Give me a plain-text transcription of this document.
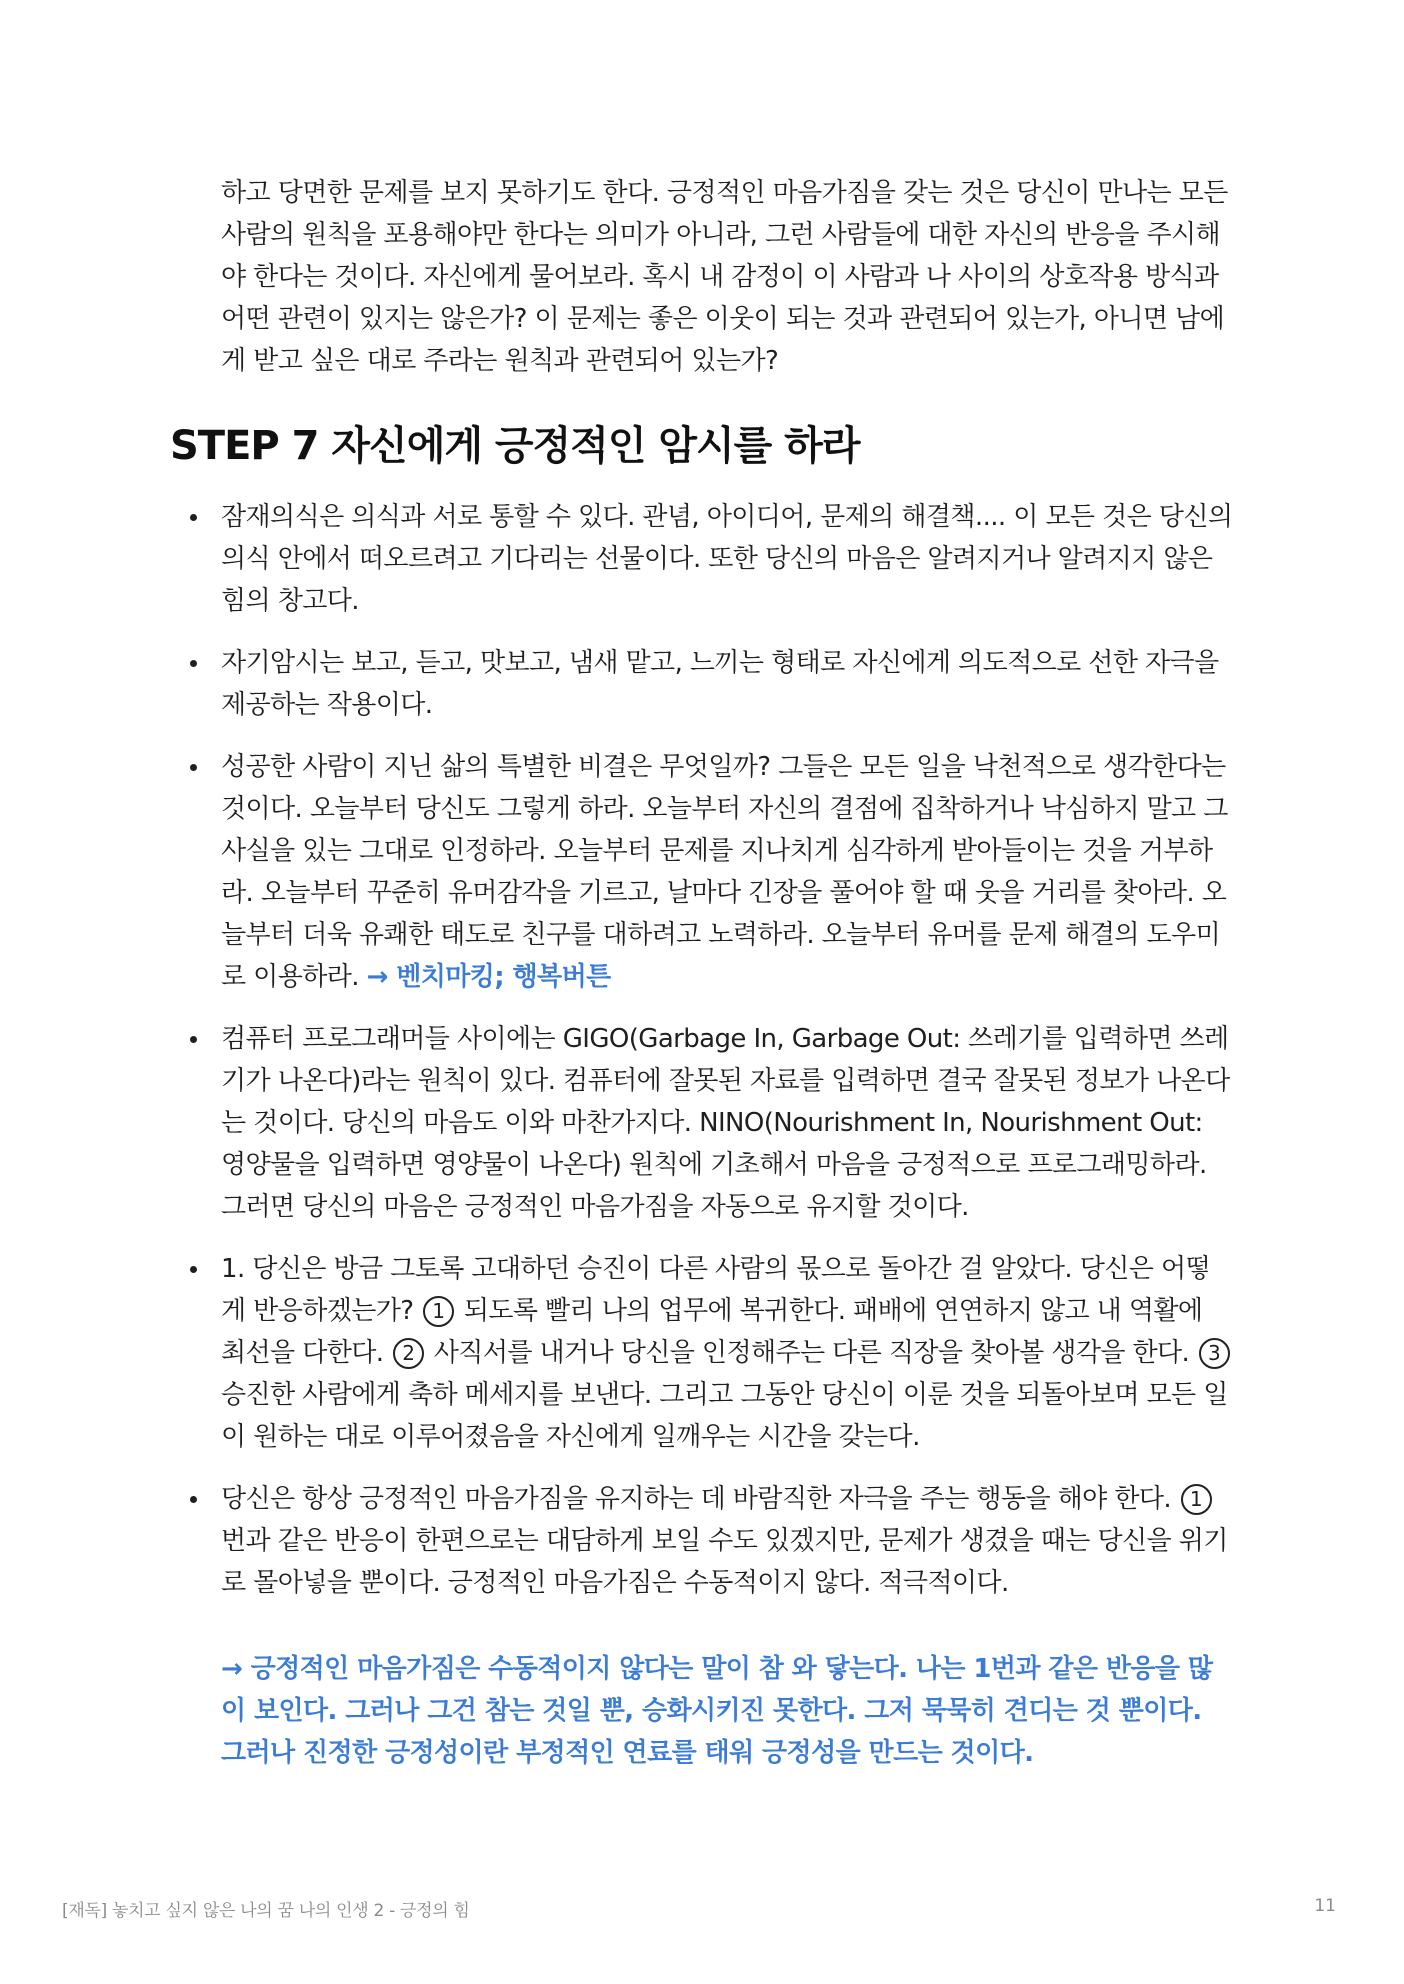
하고 당면한 문제를 보지 못하기도 한다. 긍정적인 마음가짐을 갖는 것은 당신이 만나는 모든 사람의 원칙을 포용해야만 한다는 의미가 아니라, 그런 사람들에 대한 자신의 반응을 주시해야 한다는 것이다. 자신에게 물어보라. 혹시 내 감정이 이 사람과 나 사이의 상호작용 방식과 어떤 관련이 있지는 않은가? 이 문제는 좋은 이웃이 되는 것과 관련되어 있는가, 아니면 남에게 받고 싶은 대로 주라는 원칙과 관련되어 있는가?

STEP 7 자신에게 긍정적인 암시를 하라
잠재의식은 의식과 서로 통할 수 있다. 관념, 아이디어, 문제의 해결책.... 이 모든 것은 당신의 의식 안에서 떠오르려고 기다리는 선물이다. 또한 당신의 마음은 알려지거나 알려지지 않은 힘의 창고다.
자기암시는 보고, 듣고, 맛보고, 냄새 맡고, 느끼는 형태로 자신에게 의도적으로 선한 자극을 제공하는 작용이다.
성공한 사람이 지닌 삶의 특별한 비결은 무엇일까? 그들은 모든 일을 낙천적으로 생각한다는 것이다. 오늘부터 당신도 그렇게 하라. 오늘부터 자신의 결점에 집착하거나 낙심하지 말고 그 사실을 있는 그대로 인정하라. 오늘부터 문제를 지나치게 심각하게 받아들이는 것을 거부하라. 오늘부터 꾸준히 유머감각을 기르고, 날마다 긴장을 풀어야 할 때 웃을 거리를 찾아라. 오늘부터 더욱 유쾌한 태도로 친구를 대하려고 노력하라. 오늘부터 유머를 문제 해결의 도우미로 이용하라. → 벤치마킹; 행복버튼
컴퓨터 프로그래머들 사이에는 GIGO(Garbage In, Garbage Out: 쓰레기를 입력하면 쓰레기가 나온다)라는 원칙이 있다. 컴퓨터에 잘못된 자료를 입력하면 결국 잘못된 정보가 나온다는 것이다. 당신의 마음도 이와 마찬가지다. NINO(Nourishment In, Nourishment Out: 영양물을 입력하면 영양물이 나온다) 원칙에 기초해서 마음을 긍정적으로 프로그래밍하라. 그러면 당신의 마음은 긍정적인 마음가짐을 자동으로 유지할 것이다.
1. 당신은 방금 그토록 고대하던 승진이 다른 사람의 몫으로 돌아간 걸 알았다. 당신은 어떻게 반응하겠는가? 1 되도록 빨리 나의 업무에 복귀한다. 패배에 연연하지 않고 내 역활에 최선을 다한다. 2 사직서를 내거나 당신을 인정해주는 다른 직장을 찾아볼 생각을 한다. 3 승진한 사람에게 축하 메세지를 보낸다. 그리고 그동안 당신이 이룬 것을 되돌아보며 모든 일이 원하는 대로 이루어졌음을 자신에게 일깨우는 시간을 갖는다.
당신은 항상 긍정적인 마음가짐을 유지하는 데 바람직한 자극을 주는 행동을 해야 한다. 1번과 같은 반응이 한편으로는 대담하게 보일 수도 있겠지만, 문제가 생겼을 때는 당신을 위기로 몰아넣을 뿐이다. 긍정적인 마음가짐은 수동적이지 않다. 적극적이다.

→ 긍정적인 마음가짐은 수동적이지 않다는 말이 참 와 닿는다. 나는 1번과 같은 반응을 많이 보인다. 그러나 그건 참는 것일 뿐, 승화시키진 못한다. 그저 묵묵히 견디는 것 뿐이다. 그러나 진정한 긍정성이란 부정적인 연료를 태워 긍정성을 만드는 것이다.

[재독] 놓치고 싶지 않은 나의 꿈 나의 인생 2 - 긍정의 힘	11
